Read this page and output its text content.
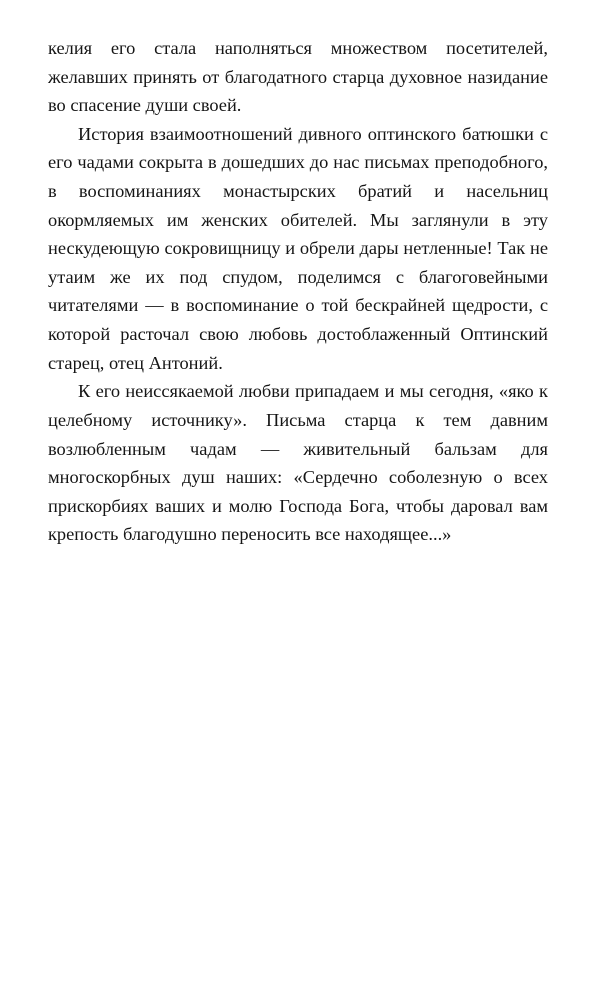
келия его стала наполняться множеством посетителей, желавших принять от благодатного старца духовное назидание во спасение души своей.

История взаимоотношений дивного оптинского батюшки с его чадами сокрыта в дошедших до нас письмах преподобного, в воспоминаниях монастырских братий и насельниц окормляемых им женских обителей. Мы заглянули в эту нескудеющую сокровищницу и обрели дары нетленные! Так не утаим же их под спудом, поделимся с благоговейными читателями — в воспоминание о той бескрайней щедрости, с которой расточал свою любовь достоблаженный Оптинский старец, отец Антоний.

К его неиссякаемой любви припадаем и мы сегодня, «яко к целебному источнику». Письма старца к тем давним возлюбленным чадам — живительный бальзам для многоскорбных душ наших: «Сердечно соболезную о всех прискорбиях ваших и молю Господа Бога, чтобы даровал вам крепость благодушно переносить все находящее...»
